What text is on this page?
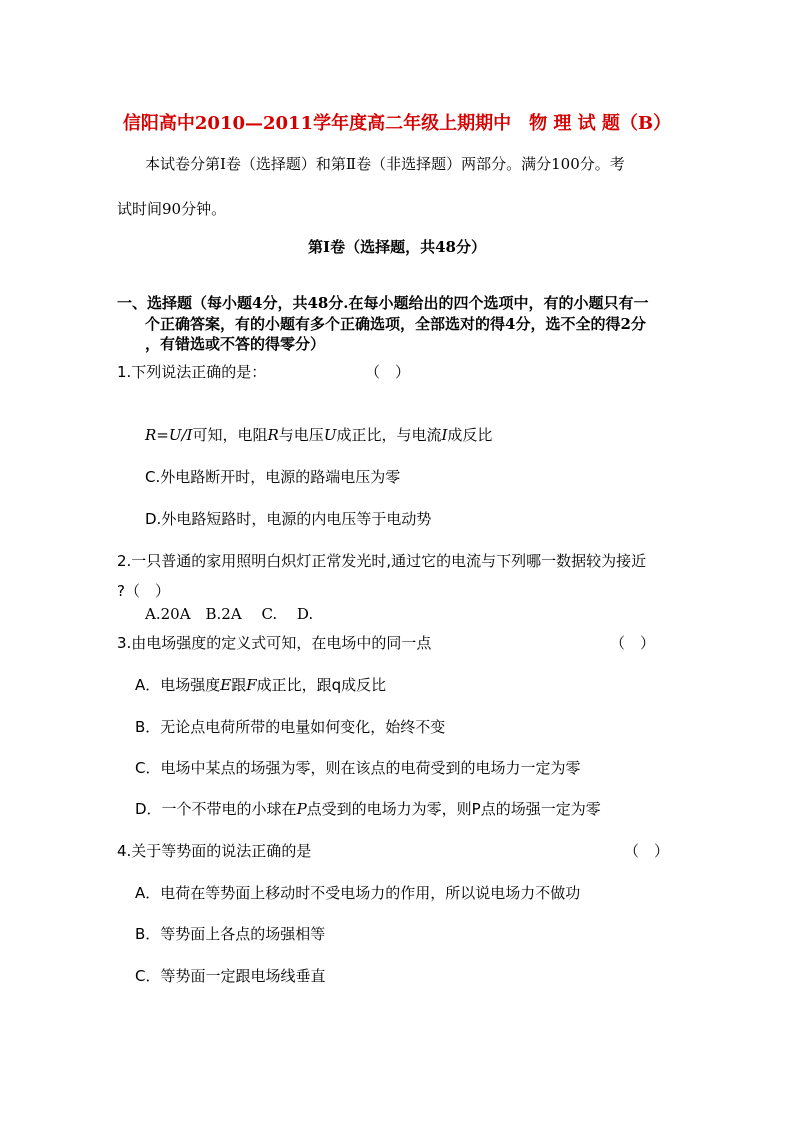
信阳高中2010—2011学年度高二年级上期期中　物 理 试 题（B）
本试卷分第Ⅰ卷（选择题）和第Ⅱ卷（非选择题）两部分。满分100分。考
试时间90分钟。
第Ⅰ卷（选择题，共48分）
一、选择题（每小题4分，共48分.在每小题给出的四个选项中，有的小题只有一
个正确答案，有的小题有多个正确选项，全部选对的得4分，选不全的得2分
，有错选或不答的得零分）
1.下列说法正确的是：	（　）
R=U/I可知，电阻R与电压U成正比，与电流I成反比
C.外电路断开时，电源的路端电压为零
D.外电路短路时，电源的内电压等于电动势
2.一只普通的家用照明白炽灯正常发光时,通过它的电流与下列哪一数据较为接近
?（　）
A.20A　B.2A　 C.　 D.
3.由电场强度的定义式可知，在电场中的同一点	（　）
A．电场强度E跟F成正比，跟q成反比
B．无论点电荷所带的电量如何变化，始终不变
C．电场中某点的场强为零，则在该点的电荷受到的电场力一定为零
D．一个不带电的小球在P点受到的电场力为零，则P点的场强一定为零
4.关于等势面的说法正确的是	（　）
A．电荷在等势面上移动时不受电场力的作用，所以说电场力不做功
B．等势面上各点的场强相等
C．等势面一定跟电场线垂直
